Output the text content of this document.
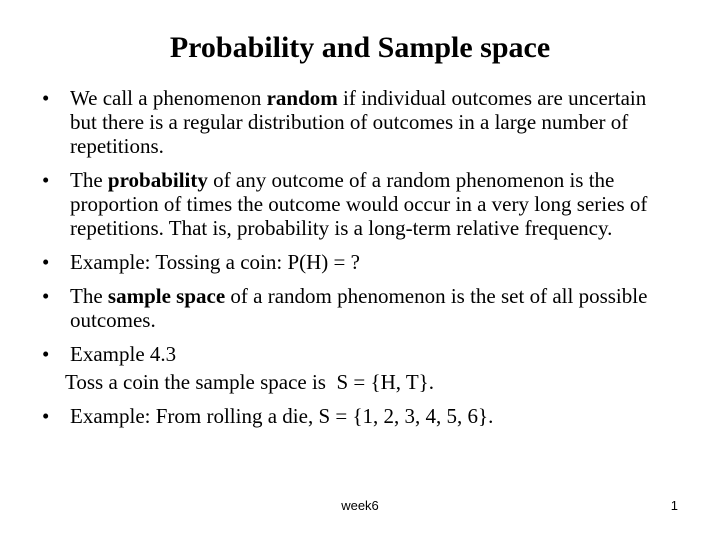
Probability and Sample space
• We call a phenomenon random if individual outcomes are uncertain but there is a regular distribution of outcomes in a large number of repetitions.
• The probability of any outcome of a random phenomenon is the proportion of times the outcome would occur in a very long series of repetitions. That is, probability is a long-term relative frequency.
• Example: Tossing a coin: P(H) = ?
• The sample space of a random phenomenon is the set of all possible outcomes.
• Example 4.3
Toss a coin the sample space is  S = {H, T}.
• Example: From rolling a die, S = {1, 2, 3, 4, 5, 6}.
week6	1
